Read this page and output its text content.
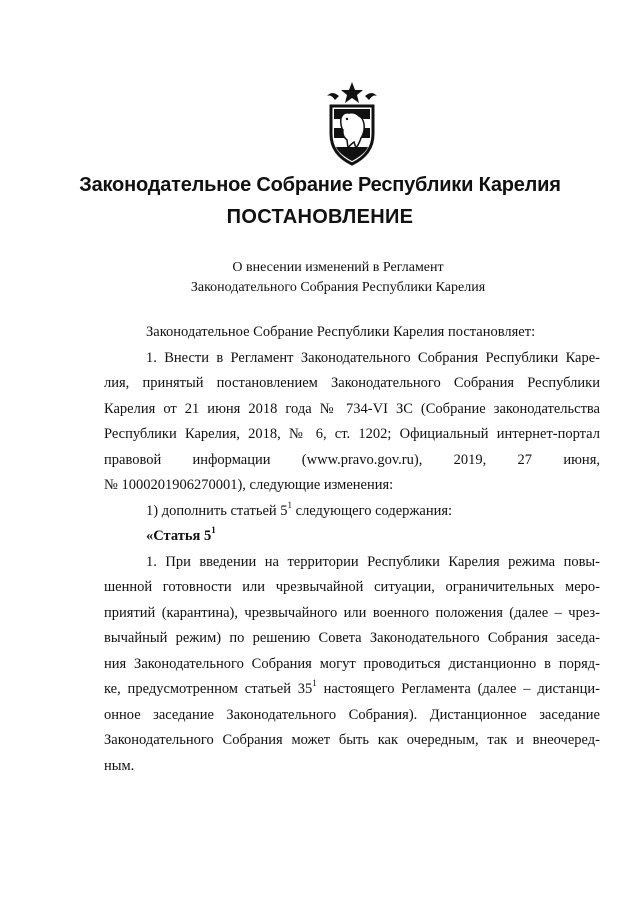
Законодательное Собрание Республики Карелия
ПОСТАНОВЛЕНИЕ
О внесении изменений в Регламент
Законодательного Собрания Республики Карелия

Законодательное Собрание Республики Карелия постановляет:

1. Внести в Регламент Законодательного Собрания Республики Каре-
лия, принятый постановлением Законодательного Собрания Республики
Карелия от 21 июня 2018 года № 734-VI ЗС (Собрание законодательства
Республики Карелия, 2018, № 6, ст. 1202; Официальный интернет-портал
правовой информации (www.pravo.gov.ru), 2019, 27 июня,
№ 1000201906270001), следующие изменения:

1) дополнить статьей $5^1$ следующего содержания:

«Статья $5^1$

1. При введении на территории Республики Карелия режима повы-
шенной готовности или чрезвычайной ситуации, ограничительных меро-
приятий (карантина), чрезвычайного или военного положения (далее – чрез-
вычайный режим) по решению Совета Законодательного Собрания заседа-
ния Законодательного Собрания могут проводиться дистанционно в поряд-
ке, предусмотренном статьей $35^1$ настоящего Регламента (далее – дистанци-
онное заседание Законодательного Собрания). Дистанционное заседание
Законодательного Собрания может быть как очередным, так и внеочеред-
ным.
